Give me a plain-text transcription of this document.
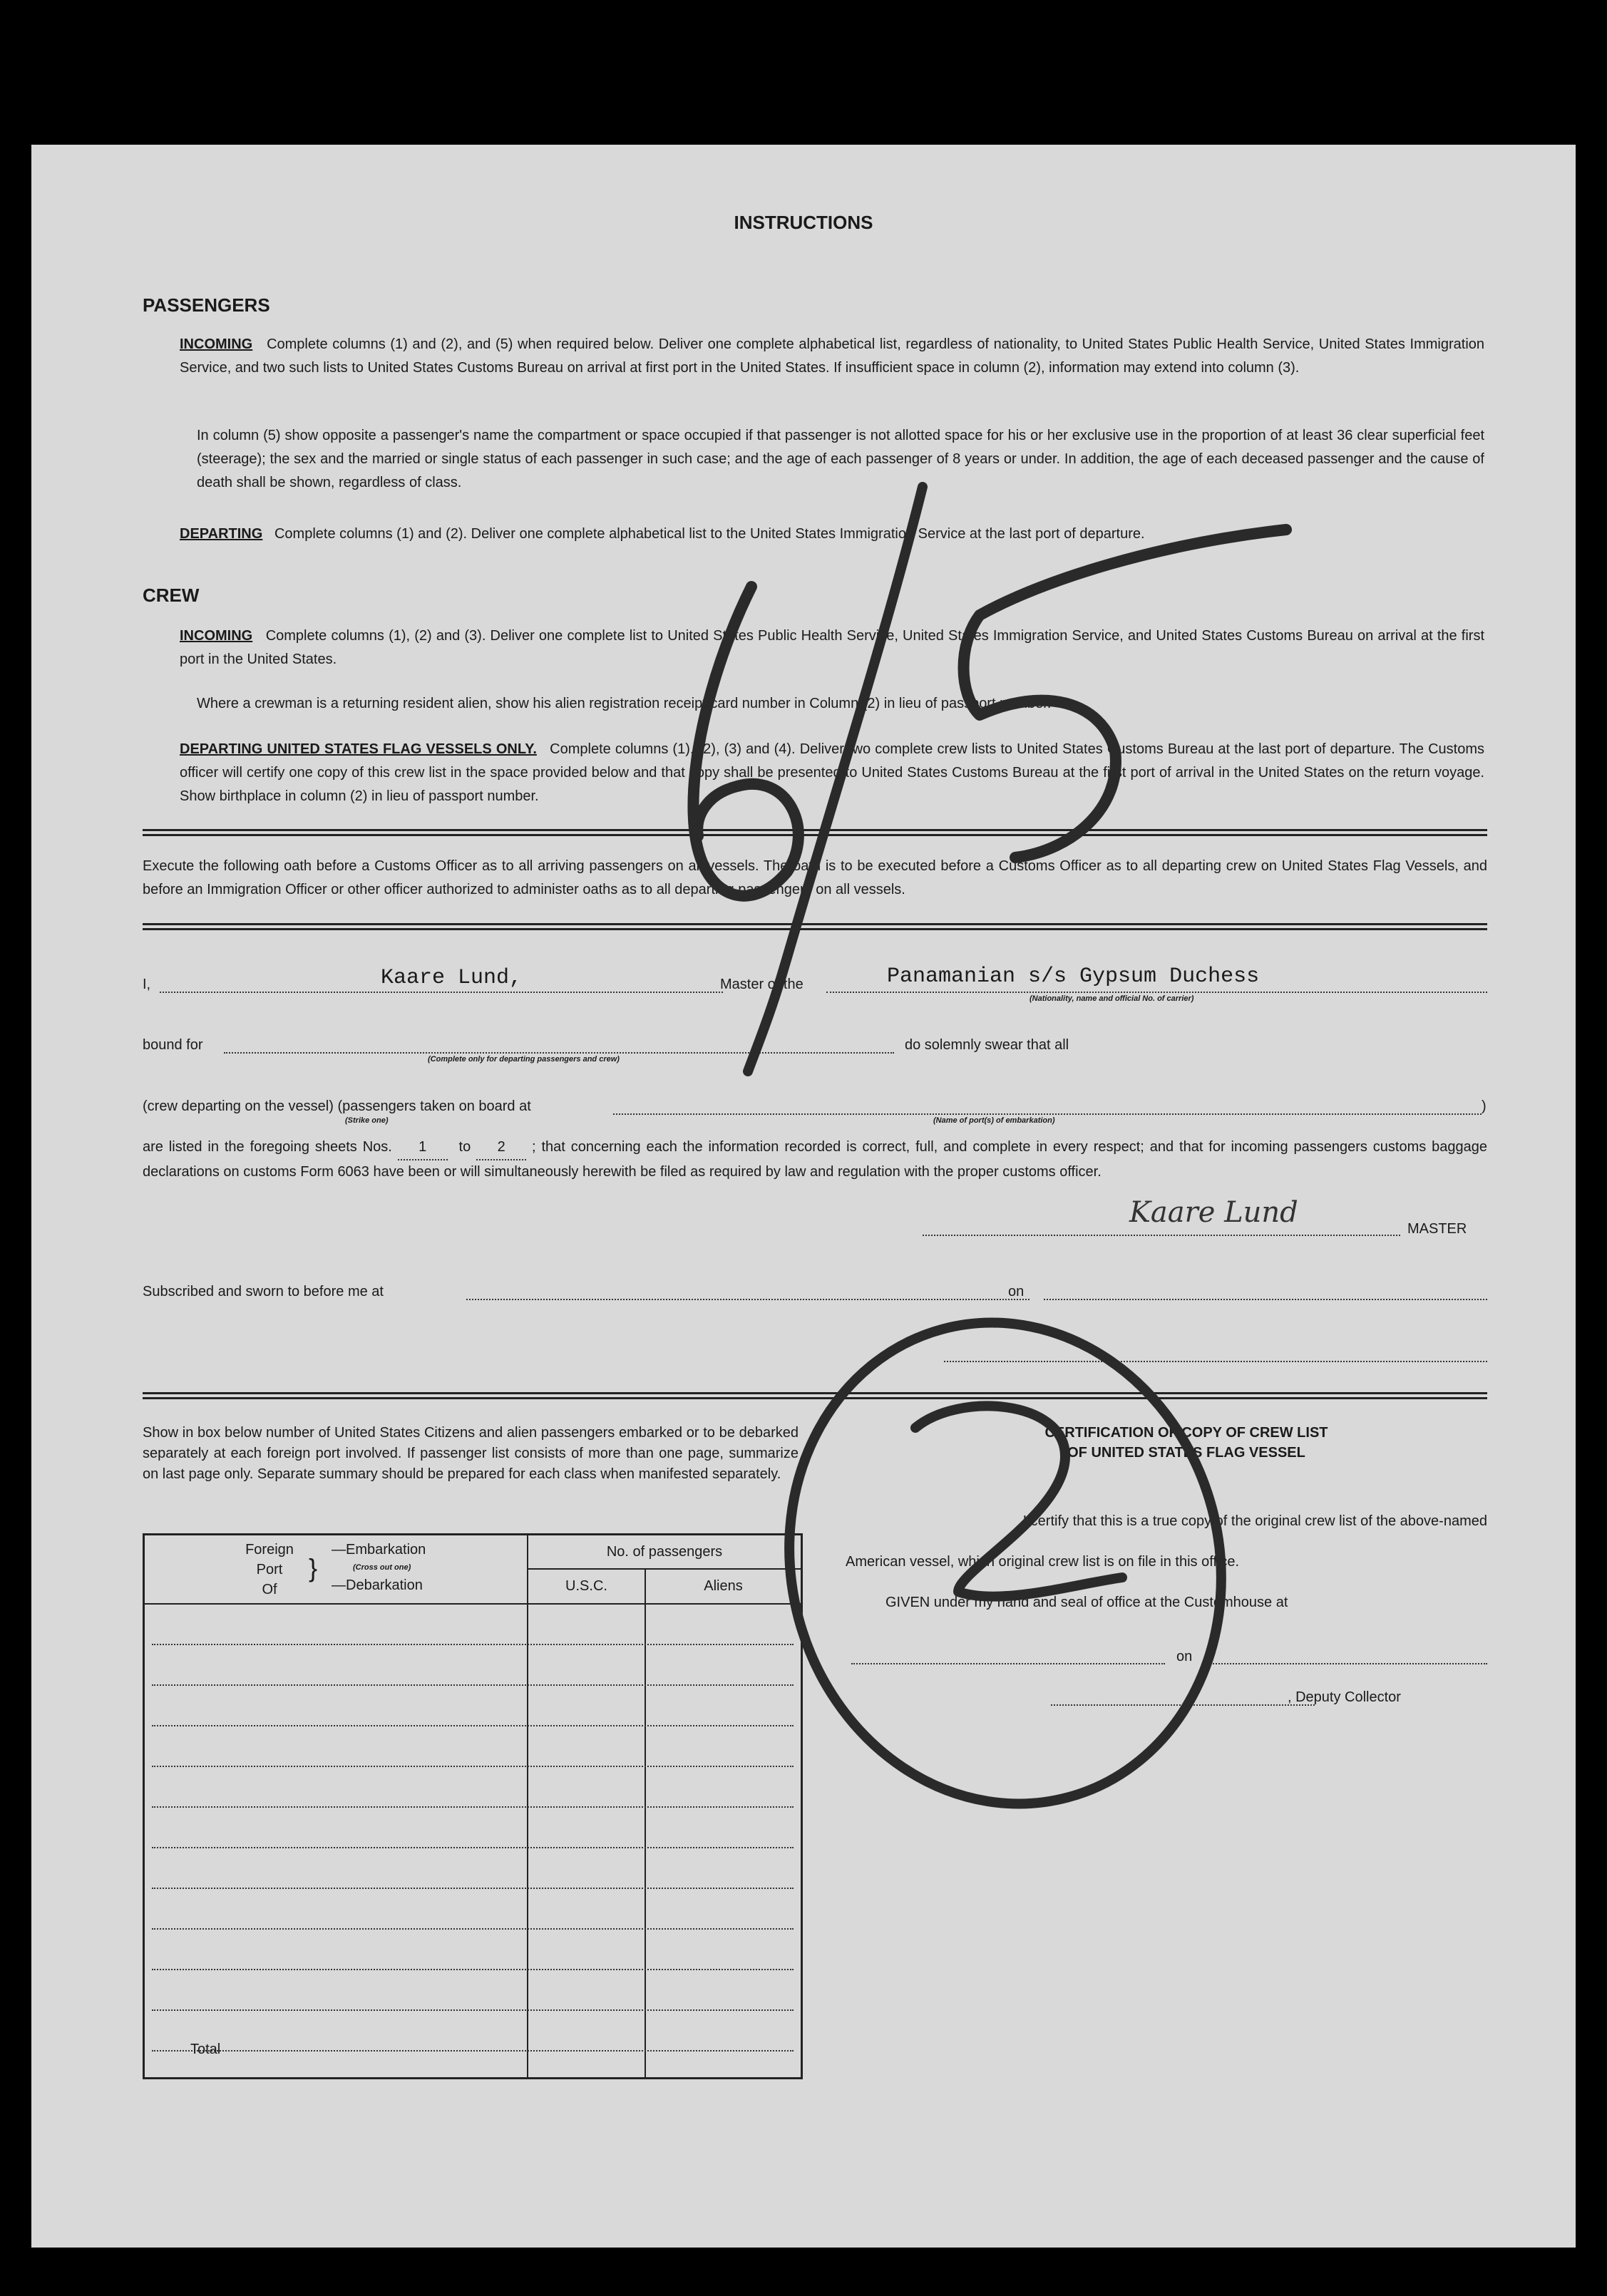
INSTRUCTIONS
PASSENGERS
INCOMING Complete columns (1) and (2), and (5) when required below. Deliver one complete alphabetical list, regardless of nationality, to United States Public Health Service, United States Immigration Service, and two such lists to United States Customs Bureau on arrival at first port in the United States. If insufficient space in column (2), information may extend into column (3).
In column (5) show opposite a passenger's name the compartment or space occupied if that passenger is not allotted space for his or her exclusive use in the proportion of at least 36 clear superficial feet (steerage); the sex and the married or single status of each passenger in such case; and the age of each passenger of 8 years or under. In addition, the age of each deceased passenger and the cause of death shall be shown, regardless of class.
DEPARTING Complete columns (1) and (2). Deliver one complete alphabetical list to the United States Immigration Service at the last port of departure.
CREW
INCOMING Complete columns (1), (2) and (3). Deliver one complete list to United States Public Health Service, United States Immigration Service, and United States Customs Bureau on arrival at the first port in the United States.
Where a crewman is a returning resident alien, show his alien registration receipt card number in Column (2) in lieu of passport number.
DEPARTING UNITED STATES FLAG VESSELS ONLY. Complete columns (1), (2), (3) and (4). Deliver two complete crew lists to United States Customs Bureau at the last port of departure. The Customs officer will certify one copy of this crew list in the space provided below and that copy shall be presented to United States Customs Bureau at the first port of arrival in the United States on the return voyage. Show birthplace in column (2) in lieu of passport number.
Execute the following oath before a Customs Officer as to all arriving passengers on all vessels. The oath is to be executed before a Customs Officer as to all departing crew on United States Flag Vessels, and before an Immigration Officer or other officer authorized to administer oaths as to all departing passengers on all vessels.
I,	Kaare Lund,	Master of the	Panamanian s/s Gypsum Duchess
(Nationality, name and official No. of carrier)
bound for
(Complete only for departing passengers and crew)
do solemnly swear that all
(crew departing on the vessel) (passengers taken on board at	)
(Strike one)	(Name of port(s) of embarkation)
are listed in the foregoing sheets Nos. 1 to 2 ; that concerning each the information recorded is correct, full, and complete in every respect; and that for incoming passengers customs baggage declarations on customs Form 6063 have been or will simultaneously herewith be filed as required by law and regulation with the proper customs officer.
Kaare Lund	MASTER
Subscribed and sworn to before me at	on
Show in box below number of United States Citizens and alien passengers embarked or to be debarked separately at each foreign port involved. If passenger list consists of more than one page, summarize on last page only. Separate summary should be prepared for each class when manifested separately.
Foreign
Port
Of
}
—Embarkation
(Cross out one)
—Debarkation
No. of passengers
U.S.C.	Aliens
Total
CERTIFICATION OF COPY OF CREW LIST
OF UNITED STATES FLAG VESSEL
I certify that this is a true copy of the original crew list of the above-named
American vessel, which original crew list is on file in this office.
GIVEN under my hand and seal of office at the Customhouse at
on
, Deputy Collector
